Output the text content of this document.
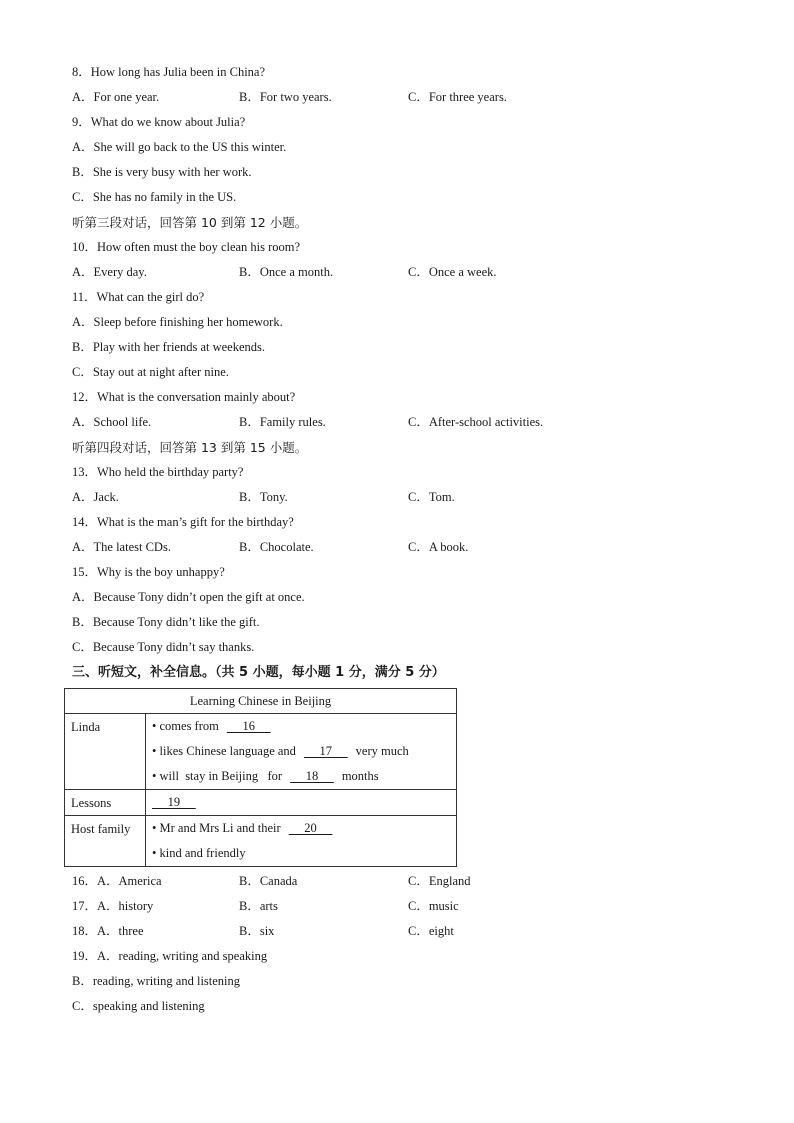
8．How long has Julia been in China?
A．For one year.	B．For two years.	C．For three years.
9．What do we know about Julia?
A．She will go back to the US this winter.
B．She is very busy with her work.
C．She has no family in the US.
听第三段对话，回答第 10 到第 12 小题。
10．How often must the boy clean his room?
A．Every day.	B．Once a month.	C．Once a week.
11．What can the girl do?
A．Sleep before finishing her homework.
B．Play with her friends at weekends.
C．Stay out at night after nine.
12．What is the conversation mainly about?
A．School life.	B．Family rules.	C．After-school activities.
听第四段对话，回答第 13 到第 15 小题。
13．Who held the birthday party?
A．Jack.	B．Tony.	C．Tom.
14．What is the man’s gift for the birthday?
A．The latest CDs.	B．Chocolate.	C．A book.
15．Why is the boy unhappy?
A．Because Tony didn’t open the gift at once.
B．Because Tony didn’t like the gift.
C．Because Tony didn’t say thanks.
三、听短文，补全信息。（共 5 小题，每小题 1 分，满分 5 分）
Learning Chinese in Beijing	
Linda	• comes from     16
• likes Chinese language and     17     very much
• will  stay in Beijing   for     18     months

Lessons	19

Host family	• Mr and Mrs Li and their     20
• kind and friendly
16．A．America	B．Canada	C．England
17．A．history	B．arts	C．music
18．A．three	B．six	C．eight
19．A．reading, writing and speaking
B．reading, writing and listening
C．speaking and listening
